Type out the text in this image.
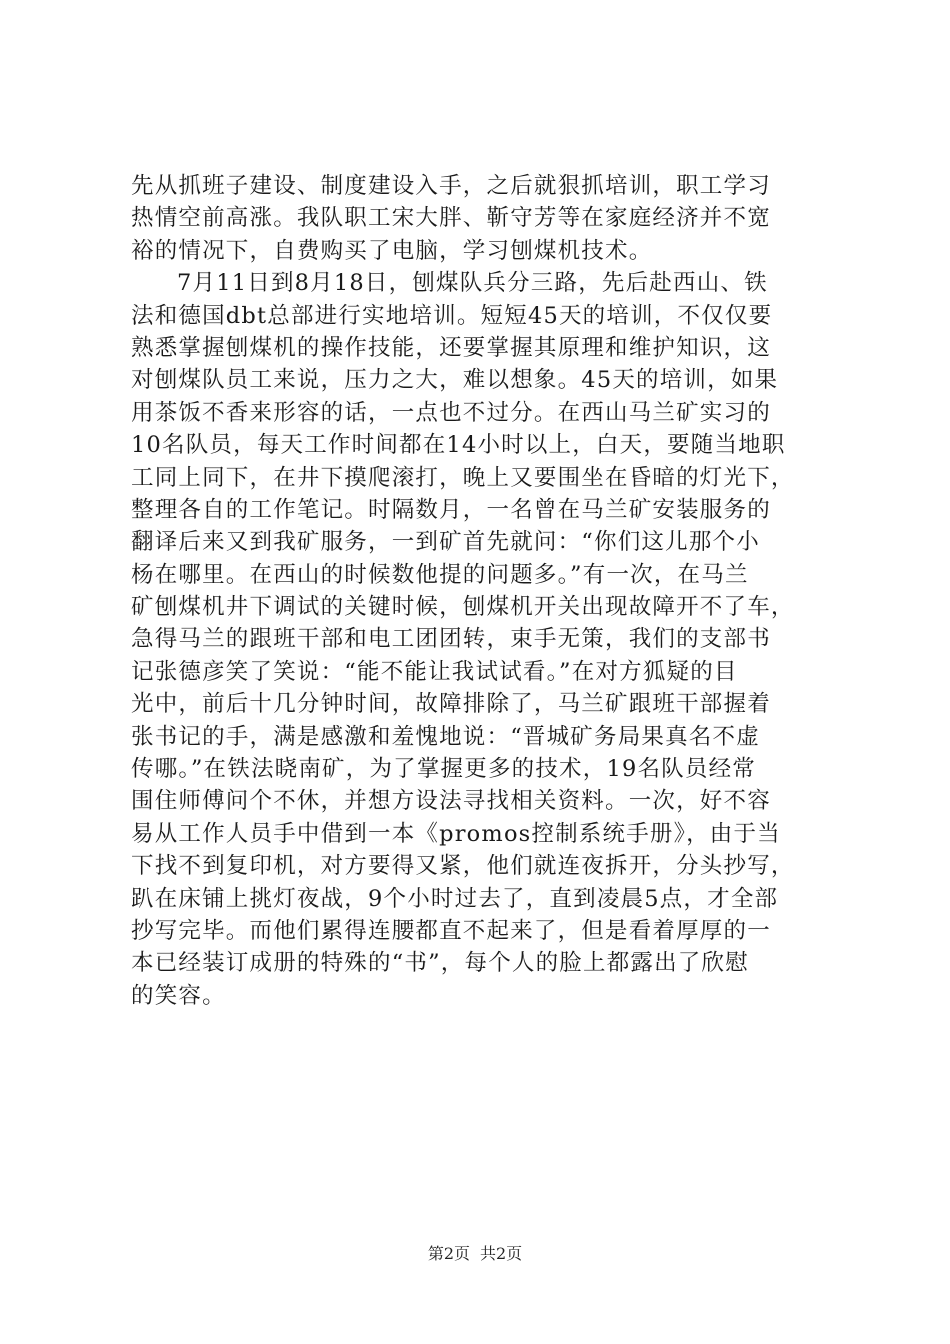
先从抓班子建设、制度建设入手，之后就狠抓培训，职工学习
热情空前高涨。我队职工宋大胖、靳守芳等在家庭经济并不宽
裕的情况下，自费购买了电脑，学习刨煤机技术。
7月11日到8月18日，刨煤队兵分三路，先后赴西山、铁
法和德国dbt总部进行实地培训。短短45天的培训，不仅仅要
熟悉掌握刨煤机的操作技能，还要掌握其原理和维护知识，这
对刨煤队员工来说，压力之大，难以想象。45天的培训，如果
用茶饭不香来形容的话，一点也不过分。在西山马兰矿实习的
10名队员，每天工作时间都在14小时以上，白天，要随当地职
工同上同下，在井下摸爬滚打，晚上又要围坐在昏暗的灯光下，
整理各自的工作笔记。时隔数月，一名曾在马兰矿安装服务的
翻译后来又到我矿服务，一到矿首先就问：“你们这儿那个小
杨在哪里。在西山的时候数他提的问题多。”有一次，在马兰
矿刨煤机井下调试的关键时候，刨煤机开关出现故障开不了车，
急得马兰的跟班干部和电工团团转，束手无策，我们的支部书
记张德彦笑了笑说：“能不能让我试试看。”在对方狐疑的目
光中，前后十几分钟时间，故障排除了，马兰矿跟班干部握着
张书记的手，满是感激和羞愧地说：“晋城矿务局果真名不虚
传哪。”在铁法晓南矿，为了掌握更多的技术，19名队员经常
围住师傅问个不休，并想方设法寻找相关资料。一次，好不容
易从工作人员手中借到一本《promos控制系统手册》，由于当
下找不到复印机，对方要得又紧，他们就连夜拆开，分头抄写，
趴在床铺上挑灯夜战，9个小时过去了，直到凌晨5点，才全部
抄写完毕。而他们累得连腰都直不起来了，但是看着厚厚的一
本已经装订成册的特殊的“书”，每个人的脸上都露出了欣慰
的笑容。
第2页 共2页
